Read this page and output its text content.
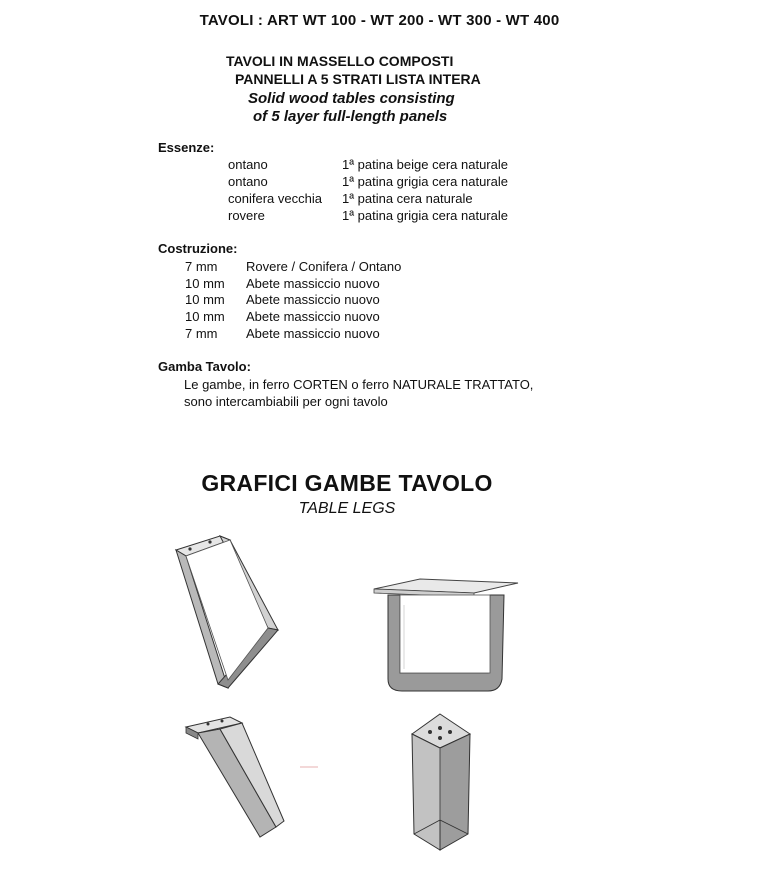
TAVOLI : ART WT 100 - WT 200 - WT 300 - WT 400
TAVOLI IN MASSELLO COMPOSTI
PANNELLI A 5 STRATI LISTA INTERA
Solid wood tables consisting
of 5 layer full-length panels
Essenze:
ontano	1ª patina beige cera naturale
ontano	1ª patina grigia cera naturale
conifera vecchia 1ª patina cera naturale
rovere	1ª patina grigia cera naturale
Costruzione:
7 mm Rovere / Conifera / Ontano
10 mm Abete massiccio nuovo
10 mm Abete massiccio nuovo
10 mm Abete massiccio nuovo
7 mm Abete massiccio nuovo
Gamba Tavolo:
Le gambe, in ferro CORTEN o ferro NATURALE TRATTATO,
sono intercambiabili per ogni tavolo
GRAFICI GAMBE TAVOLO
TABLE LEGS
